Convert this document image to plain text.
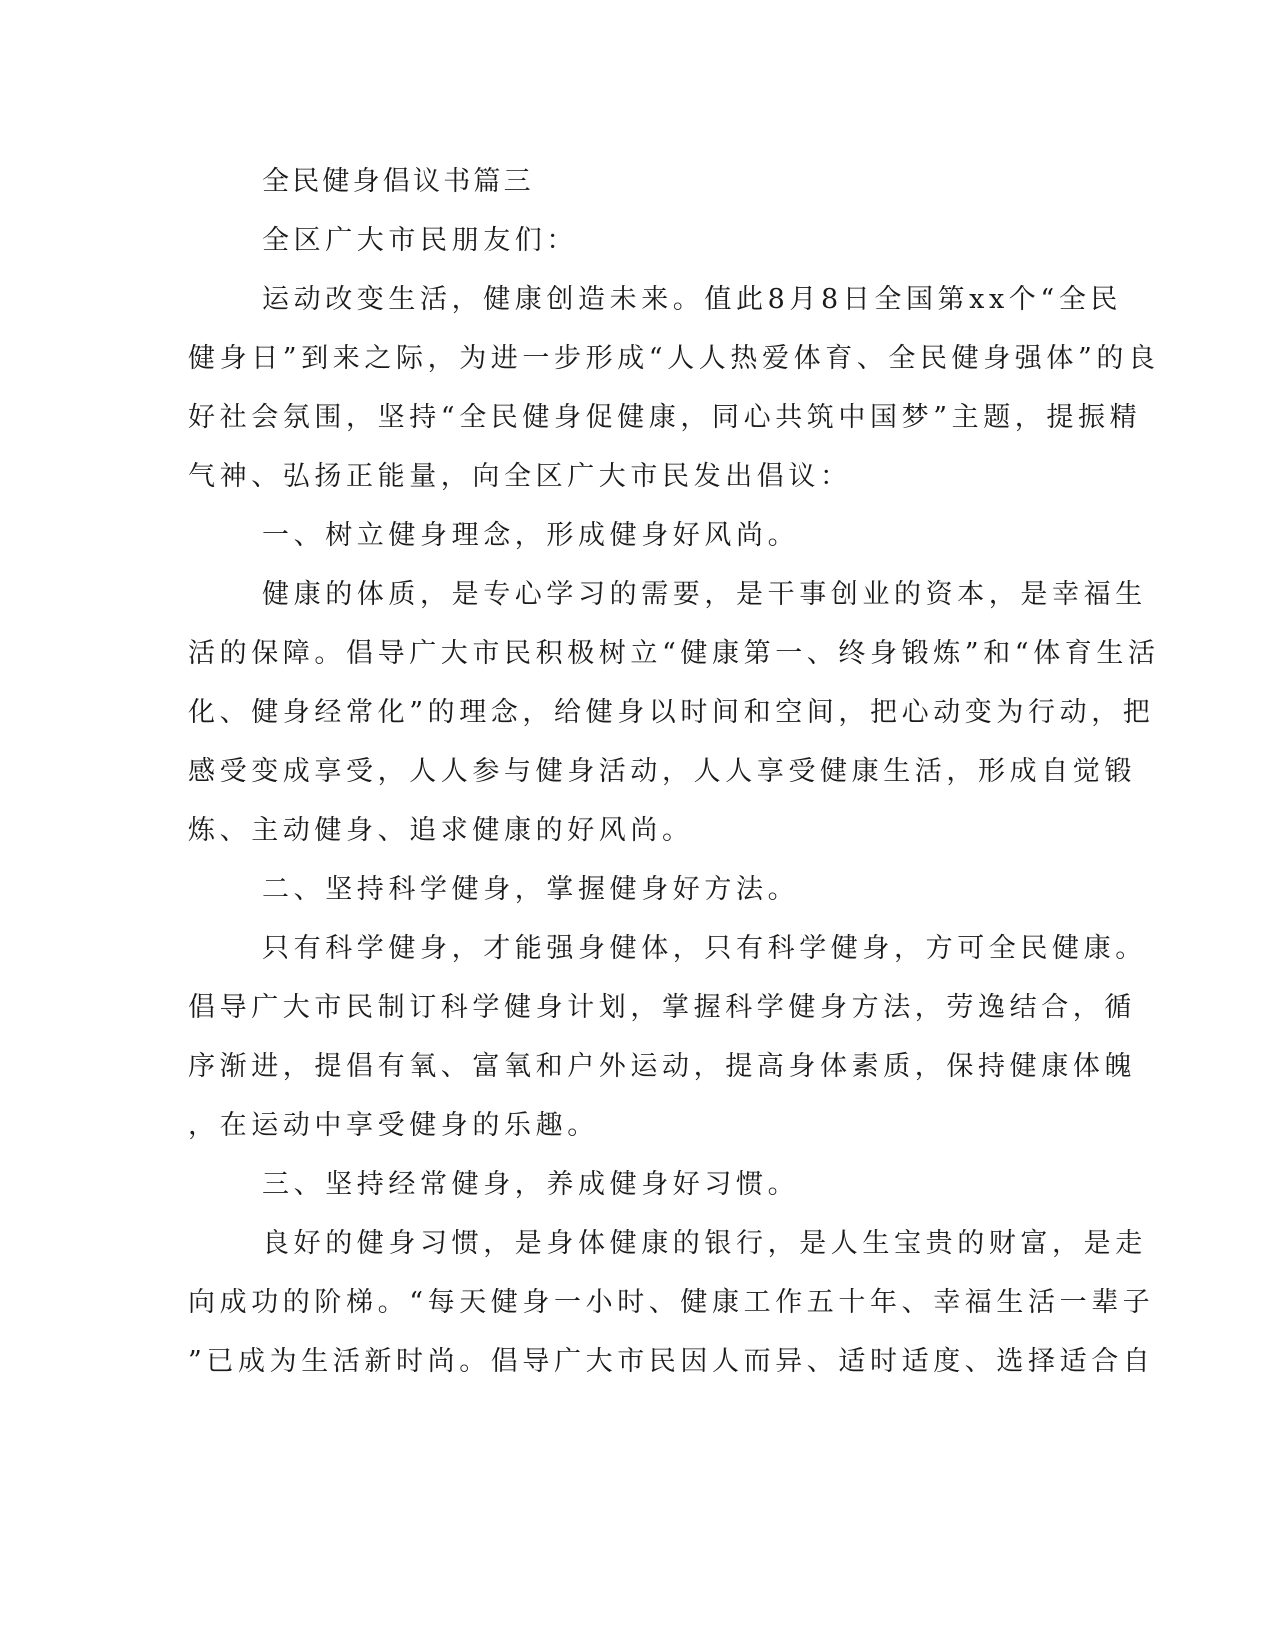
全民健身倡议书篇三
全区广大市民朋友们：
运动改变生活，健康创造未来。值此8月8日全国第xx个“全民
健身日”到来之际，为进一步形成“人人热爱体育、全民健身强体”的良
好社会氛围，坚持“全民健身促健康，同心共筑中国梦”主题，提振精
气神、弘扬正能量，向全区广大市民发出倡议：
一、树立健身理念，形成健身好风尚。
健康的体质，是专心学习的需要，是干事创业的资本，是幸福生
活的保障。倡导广大市民积极树立“健康第一、终身锻炼”和“体育生活
化、健身经常化”的理念，给健身以时间和空间，把心动变为行动，把
感受变成享受，人人参与健身活动，人人享受健康生活，形成自觉锻
炼、主动健身、追求健康的好风尚。
二、坚持科学健身，掌握健身好方法。
只有科学健身，才能强身健体，只有科学健身，方可全民健康。
倡导广大市民制订科学健身计划，掌握科学健身方法，劳逸结合，循
序渐进，提倡有氧、富氧和户外运动，提高身体素质，保持健康体魄
，在运动中享受健身的乐趣。
三、坚持经常健身，养成健身好习惯。
良好的健身习惯，是身体健康的银行，是人生宝贵的财富，是走
向成功的阶梯。“每天健身一小时、健康工作五十年、幸福生活一辈子
”已成为生活新时尚。倡导广大市民因人而异、适时适度、选择适合自
